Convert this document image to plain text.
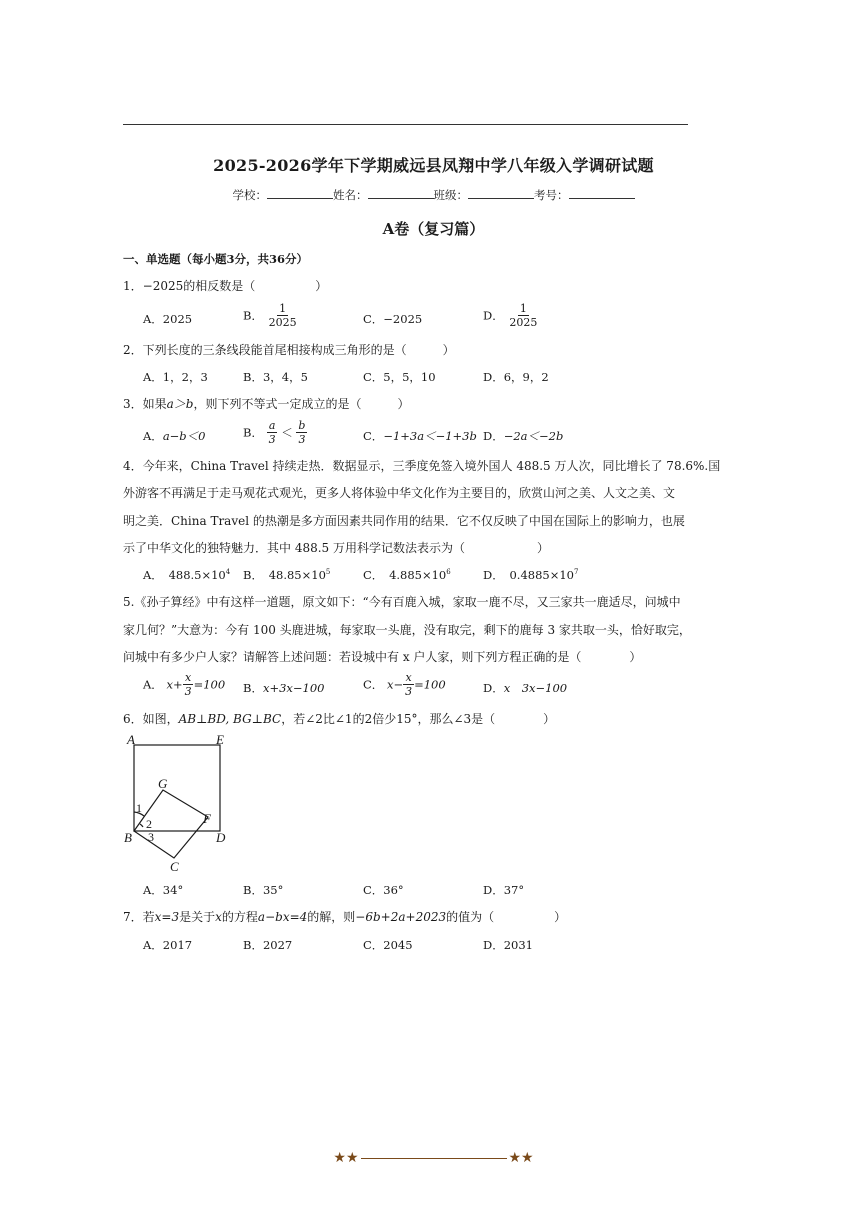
2025-2026学年下学期威远县凤翔中学八年级入学调研试题
学校：	姓名：	班级：	考号：
A卷（复习篇）
一、单选题（每小题3分，共36分）
1．−2025的相反数是（　　　　　）
A．2025	B． $\frac{1}{2025}$	C．−2025	D． $\frac{1}{2025}$
2．下列长度的三条线段能首尾相接构成三角形的是（　　　）
A．1，2，3	B．3，4，5	C．5，5，10	D．6，9，2
3．如果a＞b，则下列不等式一定成立的是（　　　）
A．a−b＜0	B． $\frac{a}{3} < \frac{b}{3}$	C．−1+3a＜−1+3b D．−2a＜−2b
4．今年来，China Travel 持续走热．数据显示，三季度免签入境外国人 488.5 万人次，同比增长了 78.6%.国
外游客不再满足于走马观花式观光，更多人将体验中华文化作为主要目的，欣赏山河之美、人文之美、文
明之美．China Travel 的热潮是多方面因素共同作用的结果．它不仅反映了中国在国际上的影响力，也展
示了中华文化的独特魅力．其中 488.5 万用科学记数法表示为（　　　　　　）
A．　 $488.5\times 10^4$ B．　 $48.85\times 10^5$	C．　 $4.885\times 10^6$	D．　 $0.4885\times 10^7$
5.《孙子算经》中有这样一道题，原文如下：“今有百鹿入城，家取一鹿不尽，又三家共一鹿适尽，问城中
家几何？”大意为：今有 100 头鹿进城，每家取一头鹿，没有取完，剩下的鹿每 3 家共取一头，恰好取完，
问城中有多少户人家？请解答上述问题：若设城中有 x 户人家，则下列方程正确的是（　　　　）
A． $x+ \frac{x}{3} =100$ B．x+3x−100	C． $x- \frac{x}{3} =100$	D．x　3x−100
6．如图，AB⊥BD, BG⊥BC，若∠2比∠1的2倍少15°，那么∠3是（　　　　）
A	E
G
F
B	D
C
1
2
3
A．34°	B．35°	C．36°	D．37°
7．若x=3是关于x的方程a−bx=4的解，则−6b+2a+2023的值为（　　　　　）
A．2017	B．2027	C．2045	D．2031
★★	★★
